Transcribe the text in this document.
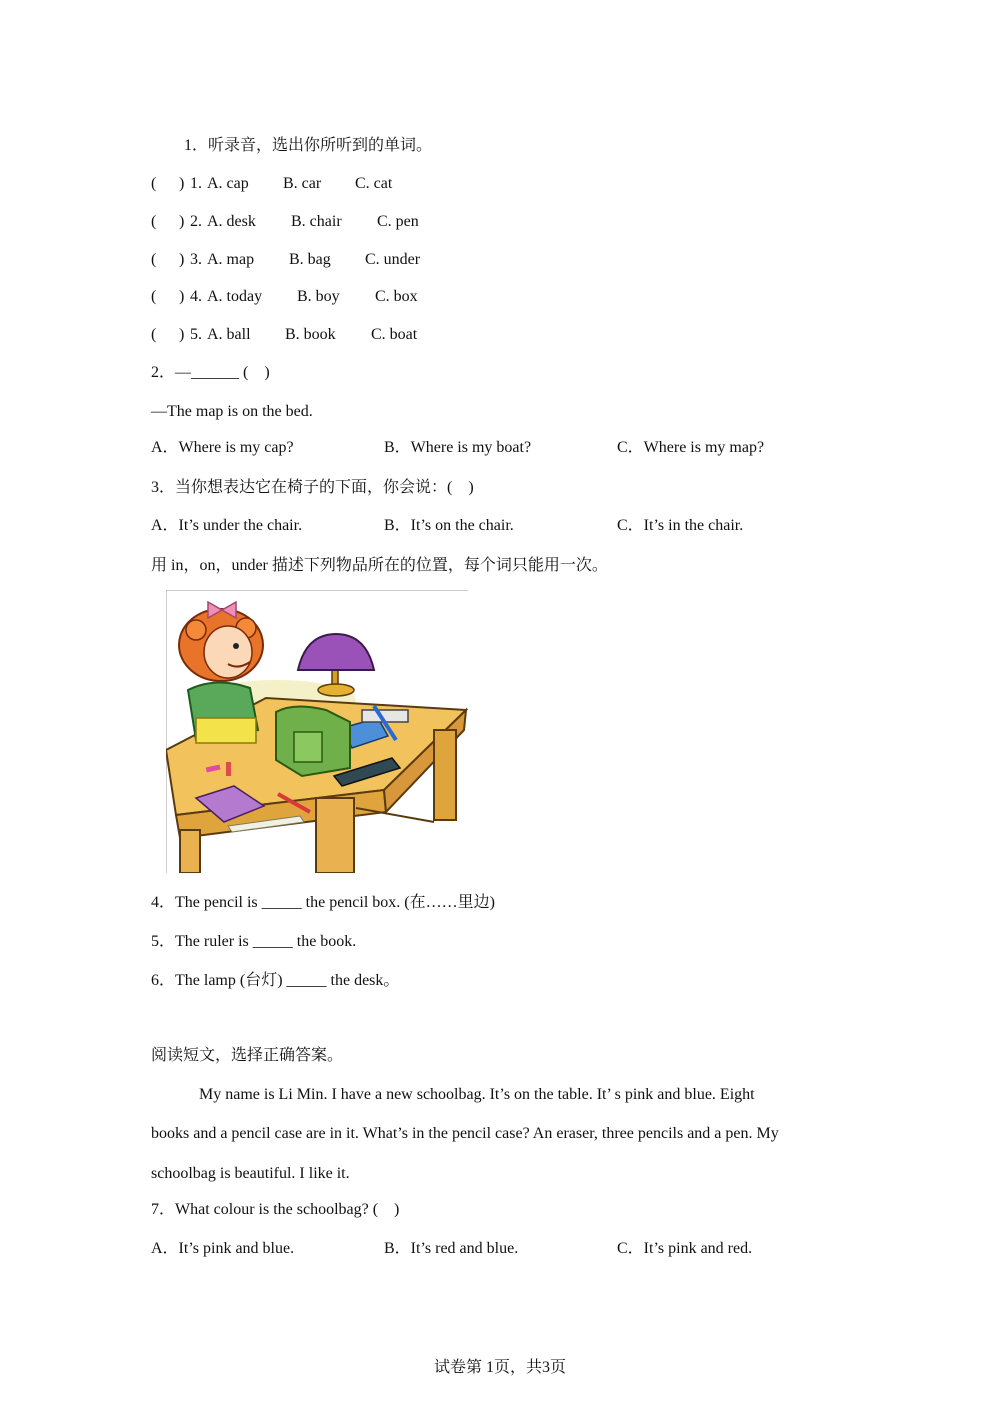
1．听录音，选出你所听到的单词。
( ) 1. A. cap B. car C. cat
( ) 2. A. desk B. chair C. pen
( ) 3. A. map B. bag C. under
( ) 4. A. today B. boy C. box
( ) 5. A. ball B. book C. boat
2．—______ (    )
—The map is on the bed.
A．Where is my cap?	B．Where is my boat?	C．Where is my map?
3．当你想表达它在椅子的下面，你会说：(    )
A．It’s under the chair.	B．It’s on the chair.	C．It’s in the chair.
用 in，on，under 描述下列物品所在的位置，每个词只能用一次。
4．The pencil is _____ the pencil box. (在……里边)
5．The ruler is _____ the book.
6．The lamp (台灯) _____ the desk。
阅读短文，选择正确答案。
My name is Li Min. I have a new schoolbag. It’s on the table. It’ s pink and blue. Eight
books and a pencil case are in it. What’s in the pencil case? An eraser, three pencils and a pen. My
schoolbag is beautiful. I like it.
7．What colour is the schoolbag? (    )
A．It’s pink and blue.	B．It’s red and blue.	C．It’s pink and red.
试卷第 1页，共3页
